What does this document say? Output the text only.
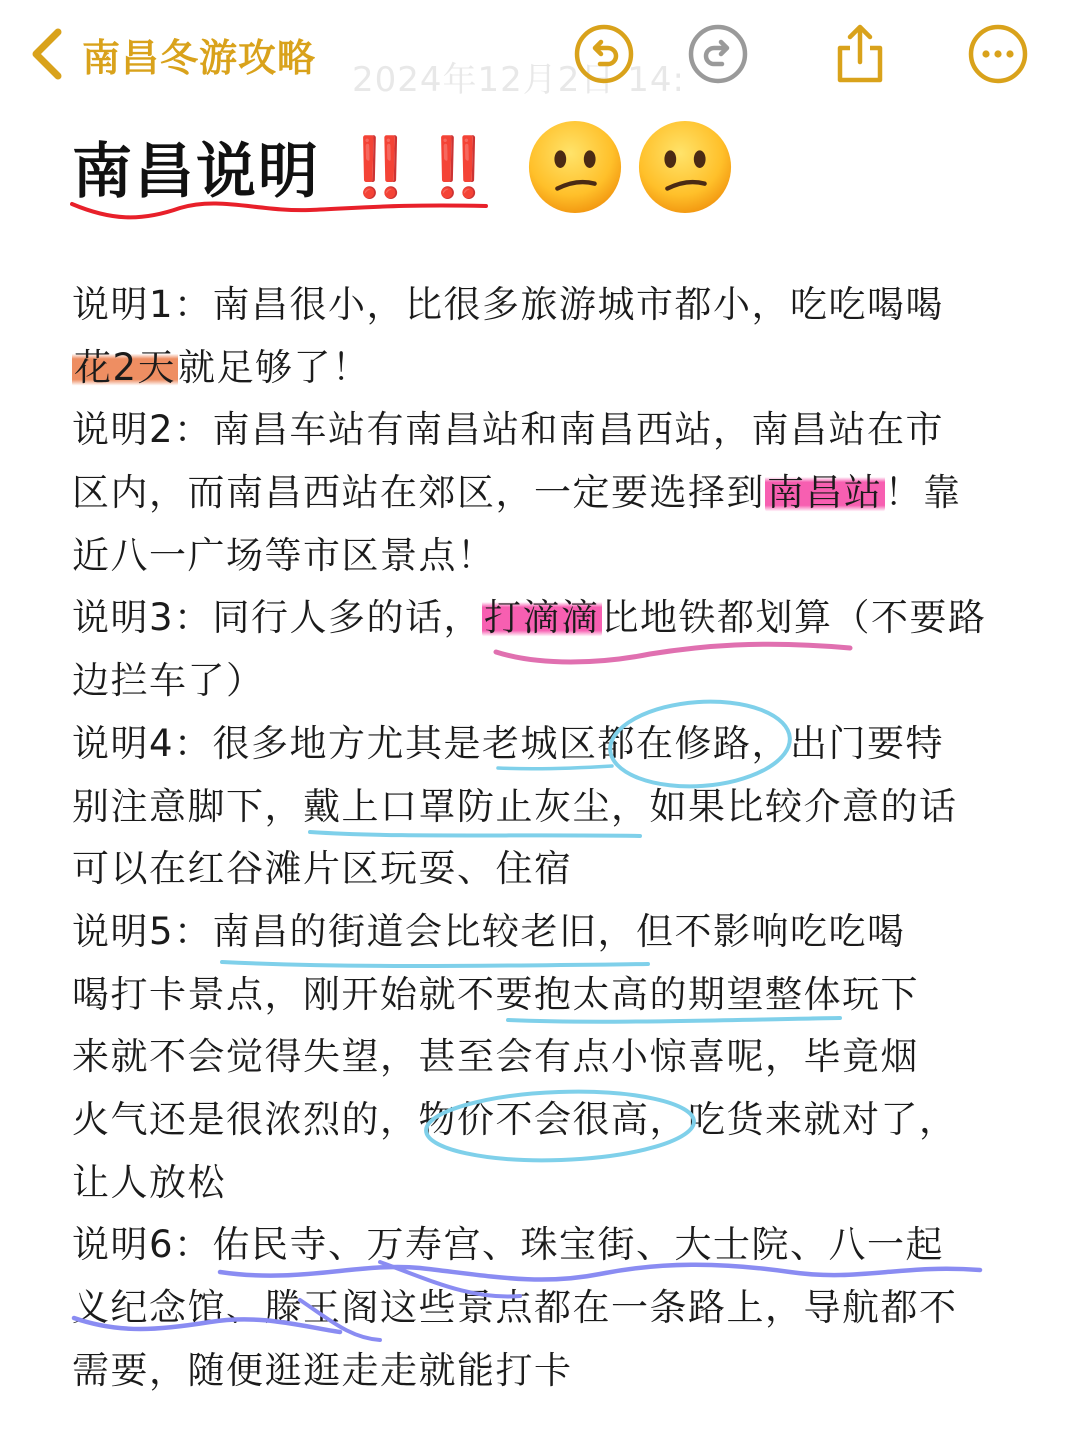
南昌冬游攻略
2024年12月2日 14:
南昌说明 ‼️‼️
说明1：南昌很小，比很多旅游城市都小，吃吃喝喝
花2天就足够了！
说明2：南昌车站有南昌站和南昌西站，南昌站在市
区内，而南昌西站在郊区，一定要选择到南昌站！靠
近八一广场等市区景点！
说明3：同行人多的话，打滴滴比地铁都划算（不要路
边拦车了）
说明4：很多地方尤其是老城区都在修路，出门要特
别注意脚下，戴上口罩防止灰尘，如果比较介意的话
可以在红谷滩片区玩耍、住宿
说明5：南昌的街道会比较老旧，但不影响吃吃喝
喝打卡景点，刚开始就不要抱太高的期望整体玩下
来就不会觉得失望，甚至会有点小惊喜呢，毕竟烟
火气还是很浓烈的，物价不会很高，吃货来就对了，
让人放松
说明6：佑民寺、万寿宫、珠宝街、大士院、八一起
义纪念馆、滕王阁这些景点都在一条路上，导航都不
需要，随便逛逛走走就能打卡
